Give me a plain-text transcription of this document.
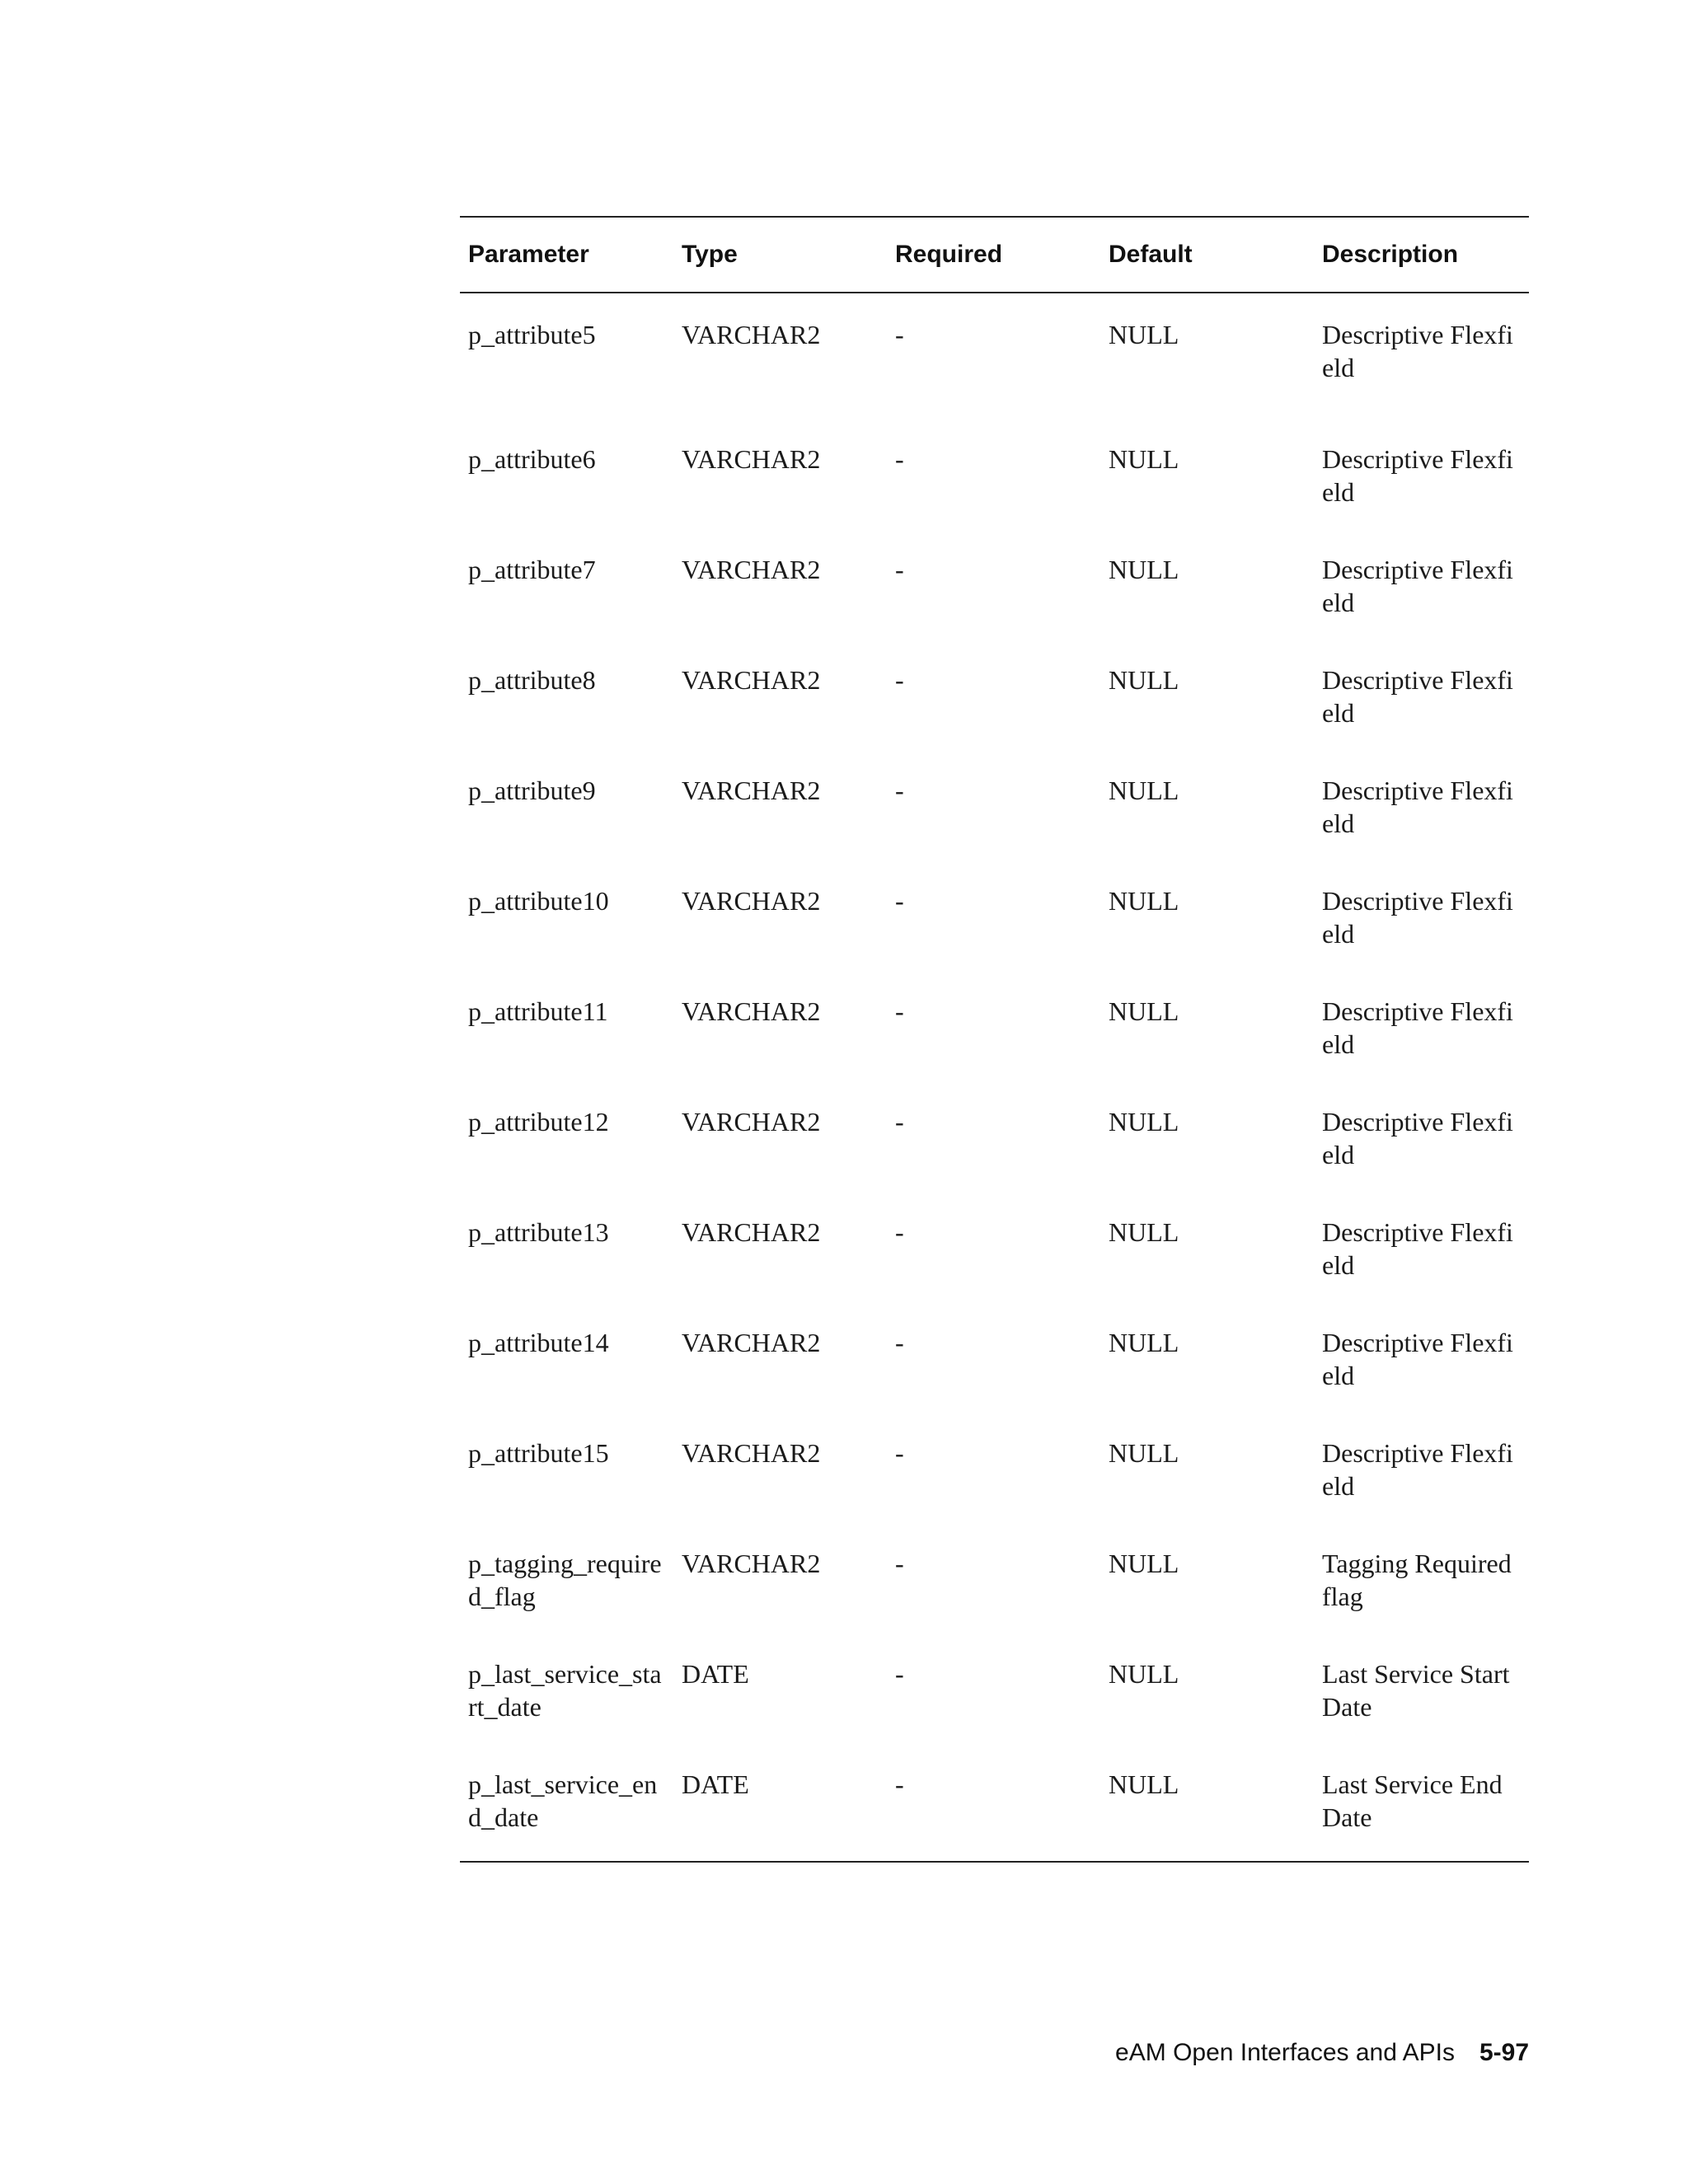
Parameter	Type	Required	Default	Description
p_attribute5	VARCHAR2	-	NULL	Descriptive Flexfield
p_attribute6	VARCHAR2	-	NULL	Descriptive Flexfield
p_attribute7	VARCHAR2	-	NULL	Descriptive Flexfield
p_attribute8	VARCHAR2	-	NULL	Descriptive Flexfield
p_attribute9	VARCHAR2	-	NULL	Descriptive Flexfield
p_attribute10	VARCHAR2	-	NULL	Descriptive Flexfield
p_attribute11	VARCHAR2	-	NULL	Descriptive Flexfield
p_attribute12	VARCHAR2	-	NULL	Descriptive Flexfield
p_attribute13	VARCHAR2	-	NULL	Descriptive Flexfield
p_attribute14	VARCHAR2	-	NULL	Descriptive Flexfield
p_attribute15	VARCHAR2	-	NULL	Descriptive Flexfield
p_tagging_required_flag	VARCHAR2	-	NULL	Tagging Required flag
p_last_service_start_date	DATE	-	NULL	Last Service Start Date
p_last_service_end_date	DATE	-	NULL	Last Service End Date
eAM Open Interfaces and APIs 5-97
